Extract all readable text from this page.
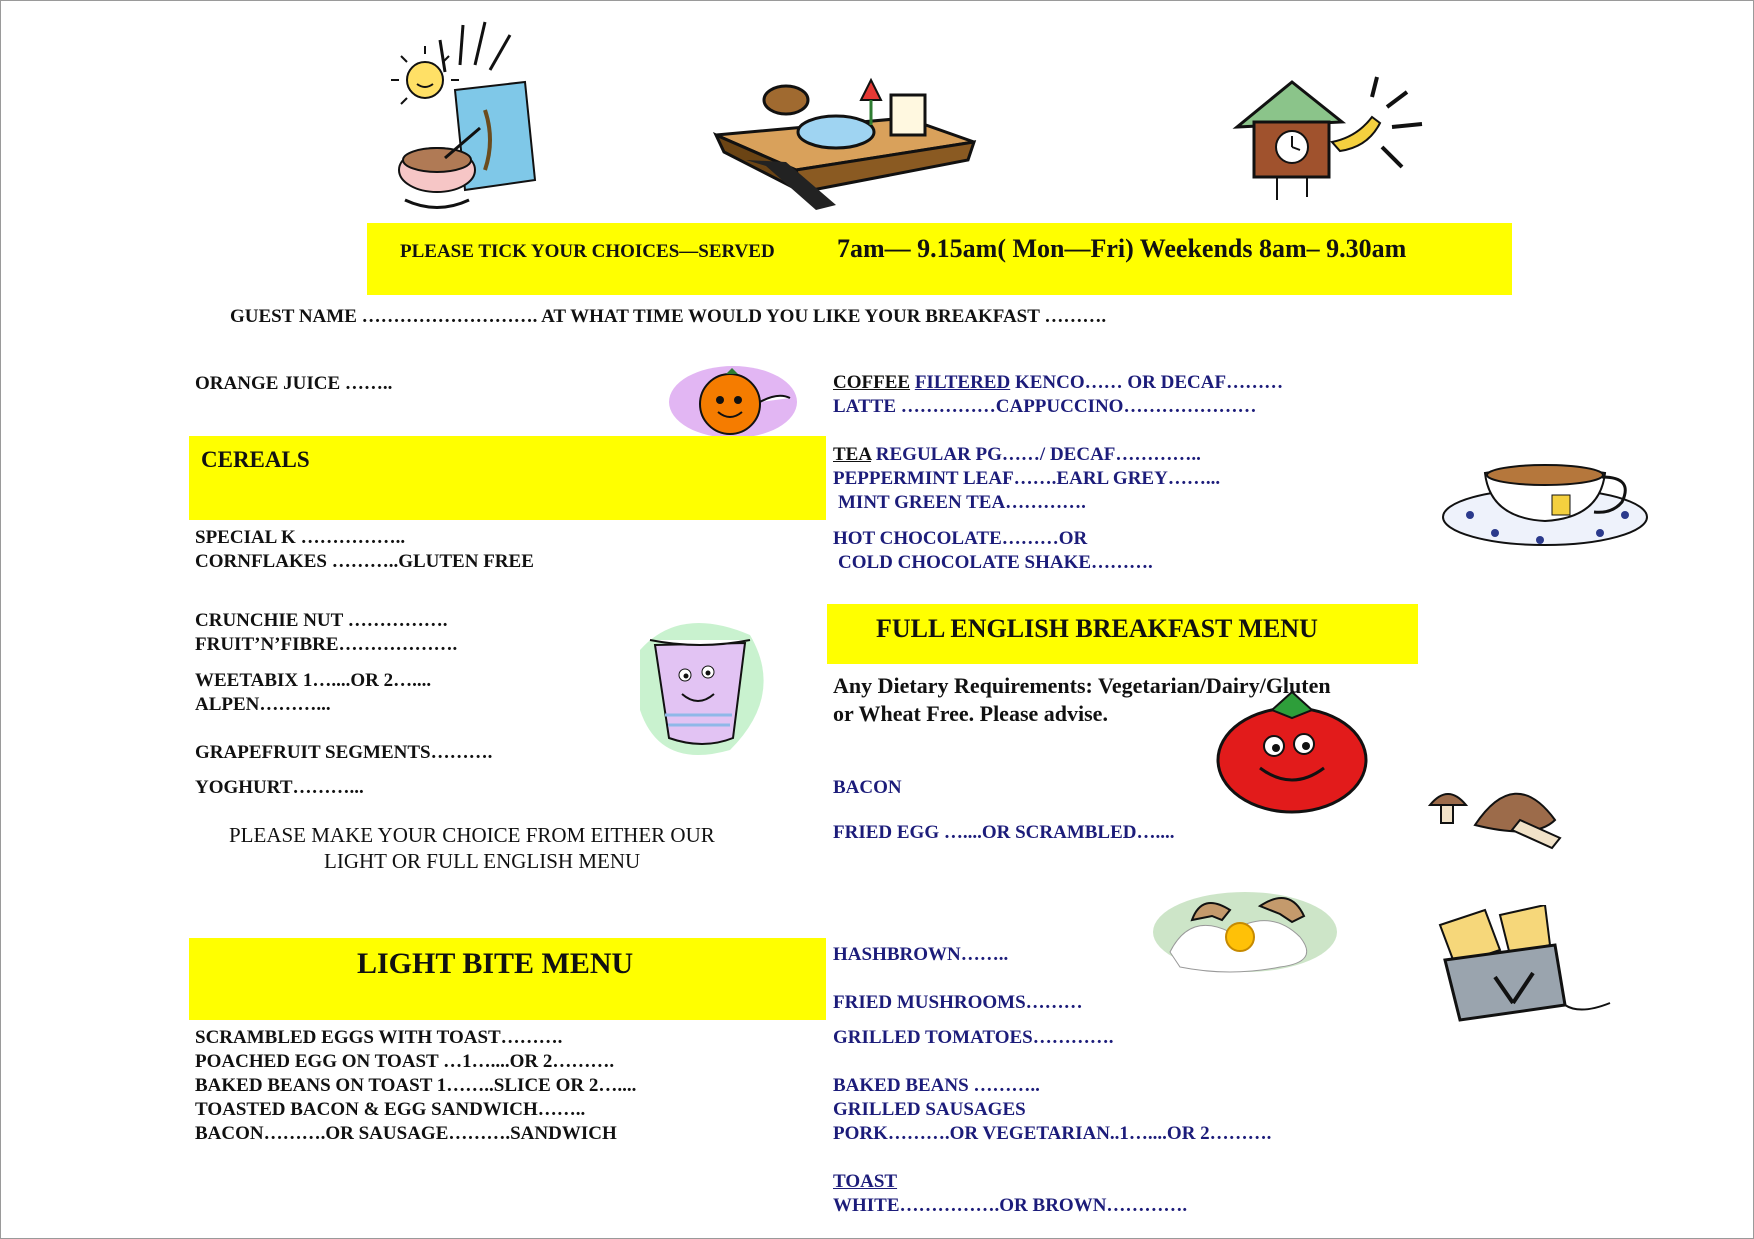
PLEASE TICK YOUR CHOICES—SERVED 7am— 9.15am( Mon—Fri) Weekends 8am– 9.30am
GUEST NAME ………………………. AT WHAT TIME WOULD YOU LIKE YOUR BREAKFAST ……….
ORANGE JUICE ……..
CEREALS
SPECIAL K ……………..
CORNFLAKES ………..GLUTEN FREE
CRUNCHIE NUT …………….
FRUIT’N’FIBRE……………….
WEETABIX 1…....OR 2…....
ALPEN………...
GRAPEFRUIT SEGMENTS……….
YOGHURT………...
PLEASE MAKE YOUR CHOICE FROM EITHER OUR
LIGHT OR FULL ENGLISH MENU
LIGHT BITE MENU
SCRAMBLED EGGS WITH TOAST……….
POACHED EGG ON TOAST …1…....OR 2……….
BAKED BEANS ON TOAST 1……..SLICE OR 2…....
TOASTED BACON & EGG SANDWICH……..
BACON……….OR SAUSAGE……….SANDWICH
COFFEE FILTERED KENCO…… OR DECAF………
LATTE ……………CAPPUCCINO…………………
TEA REGULAR PG……/ DECAF…………..
PEPPERMINT LEAF…….EARL GREY……...
MINT GREEN TEA………….
HOT CHOCOLATE………OR
COLD CHOCOLATE SHAKE……….
FULL ENGLISH BREAKFAST MENU
Any Dietary Requirements: Vegetarian/Dairy/Gluten
or Wheat Free. Please advise.
BACON
FRIED EGG …....OR SCRAMBLED…....
HASHBROWN……..
FRIED MUSHROOMS………
GRILLED TOMATOES………….
BAKED BEANS ………..
GRILLED SAUSAGES
PORK……….OR VEGETARIAN..1…....OR 2……….
TOAST
WHITE…………….OR BROWN………….
